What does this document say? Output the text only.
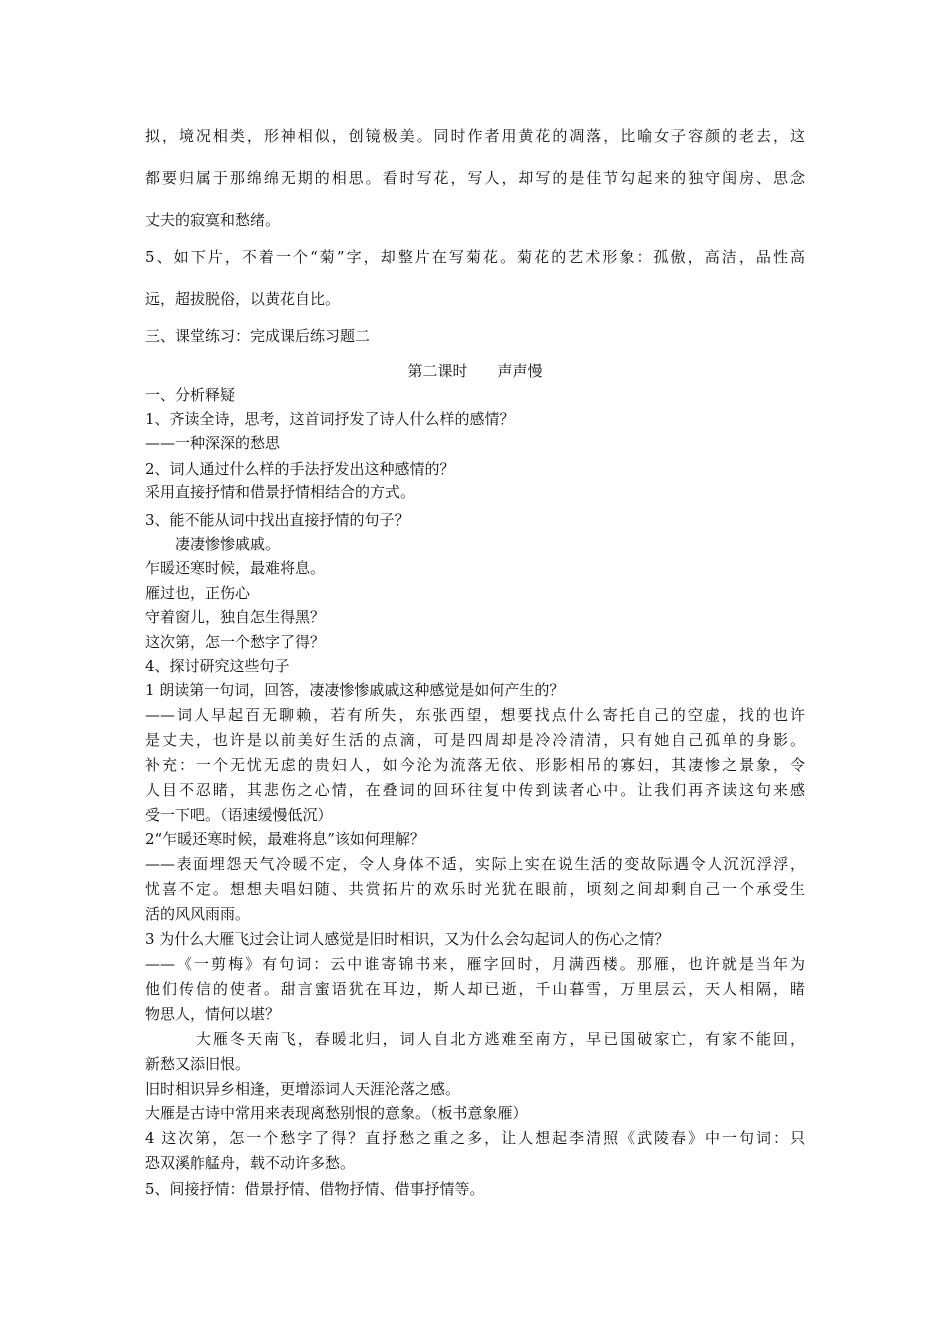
拟，境况相类，形神相似，创镜极美。同时作者用黄花的凋落，比喻女子容颜的老去，这
都要归属于那绵绵无期的相思。看时写花，写人，却写的是佳节勾起来的独守闺房、思念
丈夫的寂寞和愁绪。
5、如下片，不着一个“菊”字，却整片在写菊花。菊花的艺术形象：孤傲，高洁，品性高
远，超拔脱俗，以黄花自比。
三、课堂练习：完成课后练习题二
第二课时　　声声慢
一、分析释疑
1、齐读全诗，思考，这首词抒发了诗人什么样的感情？
——一种深深的愁思
2、词人通过什么样的手法抒发出这种感情的？
采用直接抒情和借景抒情相结合的方式。
3、能不能从词中找出直接抒情的句子？
　　凄凄惨惨戚戚。
乍暖还寒时候，最难将息。
雁过也，正伤心
守着窗儿，独自怎生得黑？
这次第，怎一个愁字了得？
4、探讨研究这些句子
1 朗读第一句词，回答，凄凄惨惨戚戚这种感觉是如何产生的？
——词人早起百无聊赖，若有所失，东张西望，想要找点什么寄托自己的空虚，找的也许
是丈夫，也许是以前美好生活的点滴，可是四周却是冷冷清清，只有她自己孤单的身影。
补充：一个无忧无虑的贵妇人，如今沦为流落无依、形影相吊的寡妇，其凄惨之景象，令
人目不忍睹，其悲伤之心情，在叠词的回环往复中传到读者心中。让我们再齐读这句来感
受一下吧。（语速缓慢低沉）
2“乍暖还寒时候，最难将息”该如何理解？
——表面埋怨天气冷暖不定，令人身体不适，实际上实在说生活的变故际遇令人沉沉浮浮，
忧喜不定。想想夫唱妇随、共赏拓片的欢乐时光犹在眼前，顷刻之间却剩自己一个承受生
活的风风雨雨。
3 为什么大雁飞过会让词人感觉是旧时相识，又为什么会勾起词人的伤心之情？
——《一剪梅》有句词：云中谁寄锦书来，雁字回时，月满西楼。那雁，也许就是当年为
他们传信的使者。甜言蜜语犹在耳边，斯人却已逝，千山暮雪，万里层云，天人相隔，睹
物思人，情何以堪？
　　　大雁冬天南飞，春暖北归，词人自北方逃难至南方，早已国破家亡，有家不能回，
新愁又添旧恨。
旧时相识异乡相逢，更增添词人天涯沦落之感。
大雁是古诗中常用来表现离愁别恨的意象。（板书意象雁）
4 这次第，怎一个愁字了得？直抒愁之重之多，让人想起李清照《武陵春》中一句词：只
恐双溪舴艋舟，载不动许多愁。
5、间接抒情：借景抒情、借物抒情、借事抒情等。
